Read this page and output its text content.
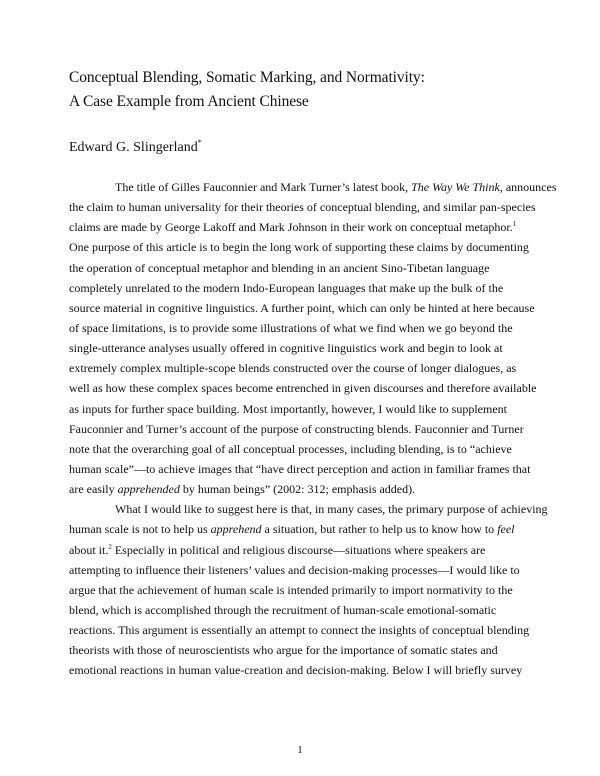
Conceptual Blending, Somatic Marking, and Normativity:
A Case Example from Ancient Chinese
Edward G. Slingerland*
The title of Gilles Fauconnier and Mark Turner’s latest book, The Way We Think, announces
the claim to human universality for their theories of conceptual blending, and similar pan-species
claims are made by George Lakoff and Mark Johnson in their work on conceptual metaphor.$^1$
One purpose of this article is to begin the long work of supporting these claims by documenting
the operation of conceptual metaphor and blending in an ancient Sino-Tibetan language
completely unrelated to the modern Indo-European languages that make up the bulk of the
source material in cognitive linguistics. A further point, which can only be hinted at here because
of space limitations, is to provide some illustrations of what we find when we go beyond the
single-utterance analyses usually offered in cognitive linguistics work and begin to look at
extremely complex multiple-scope blends constructed over the course of longer dialogues, as
well as how these complex spaces become entrenched in given discourses and therefore available
as inputs for further space building. Most importantly, however, I would like to supplement
Fauconnier and Turner’s account of the purpose of constructing blends. Fauconnier and Turner
note that the overarching goal of all conceptual processes, including blending, is to “achieve
human scale”—to achieve images that “have direct perception and action in familiar frames that
are easily apprehended by human beings” (2002: 312; emphasis added).
What I would like to suggest here is that, in many cases, the primary purpose of achieving
human scale is not to help us apprehend a situation, but rather to help us to know how to feel
about it.$^2$ Especially in political and religious discourse—situations where speakers are
attempting to influence their listeners’ values and decision-making processes—I would like to
argue that the achievement of human scale is intended primarily to import normativity to the
blend, which is accomplished through the recruitment of human-scale emotional-somatic
reactions. This argument is essentially an attempt to connect the insights of conceptual blending
theorists with those of neuroscientists who argue for the importance of somatic states and
emotional reactions in human value-creation and decision-making. Below I will briefly survey
1
